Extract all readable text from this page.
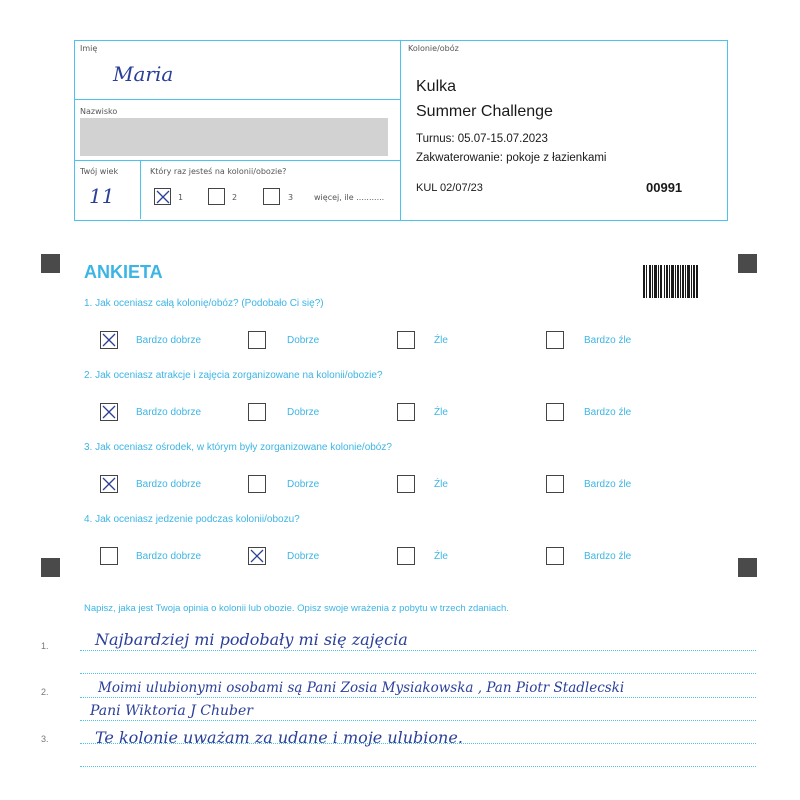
Imię
Maria
Nazwisko
Twój wiek
11
Który raz jesteś na kolonii/obozie?
1	2	3	więcej, ile ...........
Kolonie/obóz
Kulka
Summer Challenge
Turnus: 05.07-15.07.2023
Zakwaterowanie: pokoje z łazienkami
KUL 02/07/23	00991
ANKIETA
1. Jak oceniasz całą kolonię/obóz? (Podobało Ci się?)
Bardzo dobrze	Dobrze	Źle	Bardzo źle
2. Jak oceniasz atrakcje i zajęcia zorganizowane na kolonii/obozie?
Bardzo dobrze	Dobrze	Źle	Bardzo źle
3. Jak oceniasz ośrodek, w którym były zorganizowane kolonie/obóz?
Bardzo dobrze	Dobrze	Źle	Bardzo źle
4. Jak oceniasz jedzenie podczas kolonii/obozu?
Bardzo dobrze	Dobrze	Źle	Bardzo źle
Napisz, jaka jest Twoja opinia o kolonii lub obozie. Opisz swoje wrażenia z pobytu w trzech zdaniach.
1.
2.
3.
Najbardziej mi podobały mi się zajęcia
Moimi ulubionymi osobami są Pani Zosia Mysiakowska , Pan Piotr Stadlecski
Pani Wiktoria J Chuber
Te kolonie uważam za udane i moje ulubione.
